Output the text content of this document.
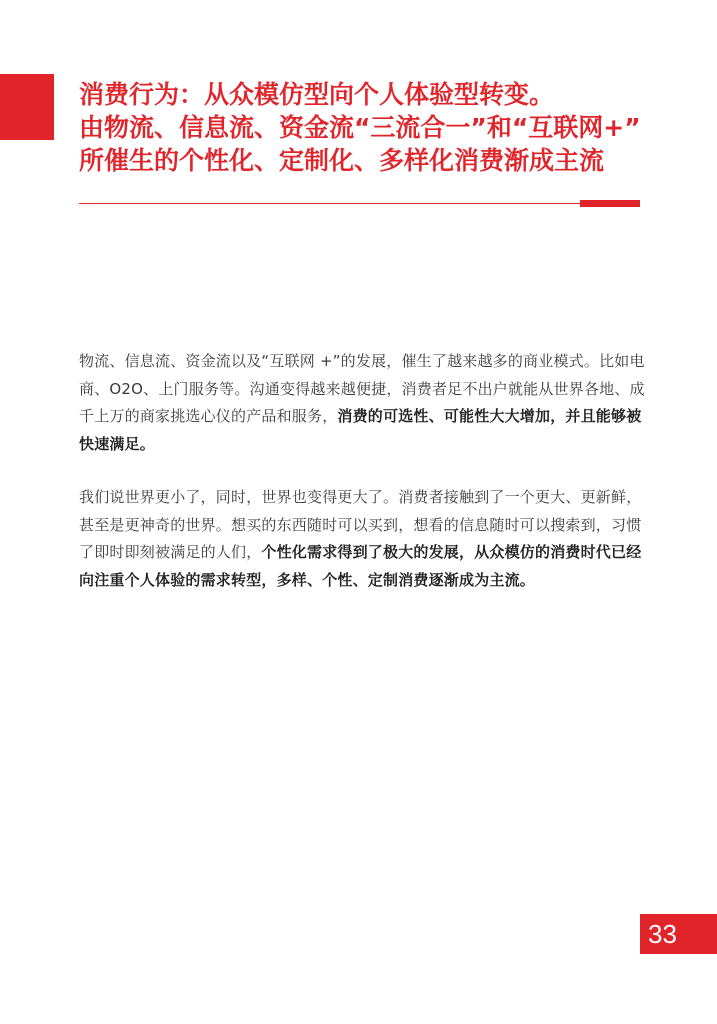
消费行为：从众模仿型向个人体验型转变。
由物流、信息流、资金流“三流合一”和“互联网+”
所催生的个性化、定制化、多样化消费渐成主流

物流、信息流、资金流以及“互联网 +”的发展，催生了越来越多的商业模式。比如电商、O2O、上门服务等。沟通变得越来越便捷，消费者足不出户就能从世界各地、成千上万的商家挑选心仪的产品和服务，消费的可选性、可能性大大增加，并且能够被快速满足。

我们说世界更小了，同时，世界也变得更大了。消费者接触到了一个更大、更新鲜，甚至是更神奇的世界。想买的东西随时可以买到，想看的信息随时可以搜索到，习惯了即时即刻被满足的人们，个性化需求得到了极大的发展，从众模仿的消费时代已经向注重个人体验的需求转型，多样、个性、定制消费逐渐成为主流。

33
